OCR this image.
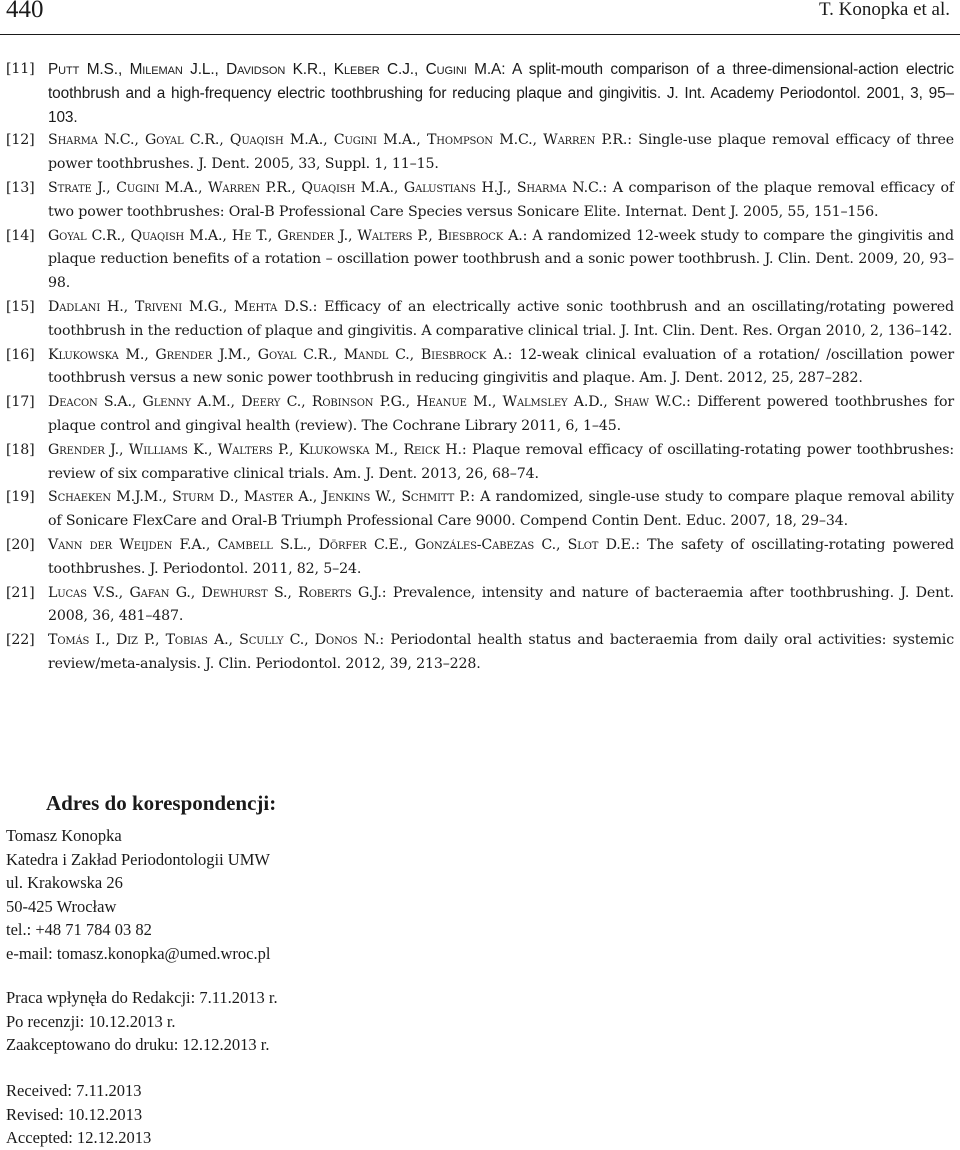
440	T. Konopka et al.
[11] Putt M.S., Mileman J.L., Davidson K.R., Kleber C.J., Cugini M.A: A split-mouth comparison of a three-dimensional-action electric toothbrush and a high-frequency electric toothbrushing for reducing plaque and gingivitis. J. Int. Academy Periodontol. 2001, 3, 95–103.
[12] Sharma N.C., Goyal C.R., Quaqish M.A., Cugini M.A., Thompson M.C., Warren P.R.: Single-use plaque removal efficacy of three power toothbrushes. J. Dent. 2005, 33, Suppl. 1, 11–15.
[13] Strate J., Cugini M.A., Warren P.R., Quaqish M.A., Galustians H.J., Sharma N.C.: A comparison of the plaque removal efficacy of two power toothbrushes: Oral-B Professional Care Species versus Sonicare Elite. Internat. Dent J. 2005, 55, 151–156.
[14] Goyal C.R., Quaqish M.A., He T., Grender J., Walters P., Biesbrock A.: A randomized 12-week study to compare the gingivitis and plaque reduction benefits of a rotation – oscillation power toothbrush and a sonic power toothbrush. J. Clin. Dent. 2009, 20, 93–98.
[15] Dadlani H., Triveni M.G., Mehta D.S.: Efficacy of an electrically active sonic toothbrush and an oscillating/rotating powered toothbrush in the reduction of plaque and gingivitis. A comparative clinical trial. J. Int. Clin. Dent. Res. Organ 2010, 2, 136–142.
[16] Klukowska M., Grender J.M., Goyal C.R., Mandl C., Biesbrock A.: 12-weak clinical evaluation of a rotation/ /oscillation power toothbrush versus a new sonic power toothbrush in reducing gingivitis and plaque. Am. J. Dent. 2012, 25, 287–282.
[17] Deacon S.A., Glenny A.M., Deery C., Robinson P.G., Heanue M., Walmsley A.D., Shaw W.C.: Different powered toothbrushes for plaque control and gingival health (review). The Cochrane Library 2011, 6, 1–45.
[18] Grender J., Williams K., Walters P., Klukowska M., Reick H.: Plaque removal efficacy of oscillating-rotating power toothbrushes: review of six comparative clinical trials. Am. J. Dent. 2013, 26, 68–74.
[19] Schaeken M.J.M., Sturm D., Master A., Jenkins W., Schmitt P.: A randomized, single-use study to compare plaque removal ability of Sonicare FlexCare and Oral-B Triumph Professional Care 9000. Compend Contin Dent. Educ. 2007, 18, 29–34.
[20] Vann der Weijden F.A., Cambell S.L., Dörfer C.E., Gonzáles-Cabezas C., Slot D.E.: The safety of oscillating-rotating powered toothbrushes. J. Periodontol. 2011, 82, 5–24.
[21] Lucas V.S., Gafan G., Dewhurst S., Roberts G.J.: Prevalence, intensity and nature of bacteraemia after toothbrushing. J. Dent. 2008, 36, 481–487.
[22] Tomás I., Diz P., Tobias A., Scully C., Donos N.: Periodontal health status and bacteraemia from daily oral activities: systemic review/meta-analysis. J. Clin. Periodontol. 2012, 39, 213–228.
Adres do korespondencji:
Tomasz Konopka
Katedra i Zakład Periodontologii UMW
ul. Krakowska 26
50-425 Wrocław
tel.: +48 71 784 03 82
e-mail: tomasz.konopka@umed.wroc.pl
Praca wpłynęła do Redakcji: 7.11.2013 r.
Po recenzji: 10.12.2013 r.
Zaakceptowano do druku: 12.12.2013 r.
Received: 7.11.2013
Revised: 10.12.2013
Accepted: 12.12.2013
